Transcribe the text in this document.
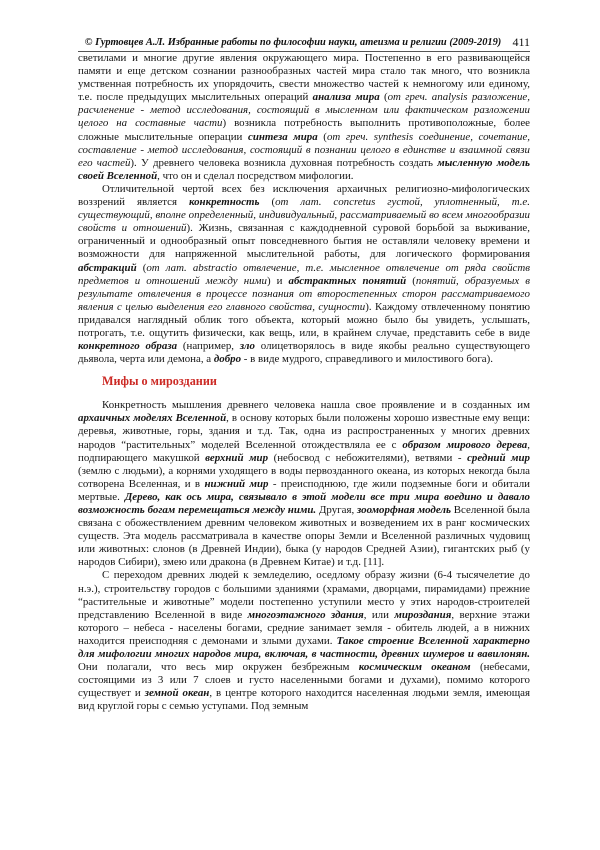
© Гуртовцев А.Л. Избранные работы по философии науки, атеизма и религии (2009-2019) 411

светилами и многие другие явления окружающего мира. Постепенно в его развивающейся памяти и еще детском сознании разнообразных частей мира стало так много, что возникла умственная потребность их упорядочить, свести множество частей к немногому или единому, т.е. после предыдущих мыслительных операций анализа мира (от греч. analysis разложение, расчленение - метод исследования, состоящий в мысленном или фактическом разложении целого на составные части) возникла потребность выполнить противоположные, более сложные мыслительные операции синтеза мира (от греч. synthesis соединение, сочетание, составление - метод исследования, состоящий в познании целого в единстве и взаимной связи его частей). У древнего человека возникла духовная потребность создать мысленную модель своей Вселенной, что он и сделал посредством мифологии.

Отличительной чертой всех без исключения архаичных религиозно-мифологических воззрений является конкретность (от лат. concretus густой, уплотненный, т.е. существующий, вполне определенный, индивидуальный, рассматриваемый во всем многообразии свойств и отношений). Жизнь, связанная с каждодневной суровой борьбой за выживание, ограниченный и однообразный опыт повседневного бытия не оставляли человеку времени и возможности для напряженной мыслительной работы, для логического формирования абстракций (от лат. abstractio отвлечение, т.е. мысленное отвлечение от ряда свойств предметов и отношений между ними) и абстрактных понятий (понятий, образуемых в результате отвлечения в процессе познания от второстепенных сторон рассматриваемого явления с целью выделения его главного свойства, сущности). Каждому отвлеченному понятию придавался наглядный облик того объекта, который можно было бы увидеть, услышать, потрогать, т.е. ощутить физически, как вещь, или, в крайнем случае, представить себе в виде конкретного образа (например, зло олицетворялось в виде якобы реально существующего дьявола, черта или демона, а добро - в виде мудрого, справедливого и милостивого бога).

Мифы о мироздании

Конкретность мышления древнего человека нашла свое проявление и в созданных им архаичных моделях Вселенной, в основу которых были положены хорошо известные ему вещи: деревья, животные, горы, здания и т.д. Так, одна из распространенных у многих древних народов “растительных” моделей Вселенной отождествляла ее с образом мирового дерева, подпирающего макушкой верхний мир (небосвод с небожителями), ветвями - средний мир (землю с людьми), а корнями уходящего в воды первозданного океана, из которых некогда была сотворена Вселенная, и в нижний мир - преисподнюю, где жили подземные боги и обитали мертвые. Дерево, как ось мира, связывало в этой модели все три мира воедино и давало возможность богам перемещаться между ними. Другая, зооморфная модель Вселенной была связана с обожествлением древним человеком животных и возведением их в ранг космических существ. Эта модель рассматривала в качестве опоры Земли и Вселенной различных чудовищ или животных: слонов (в Древней Индии), быка (у народов Средней Азии), гигантских рыб (у народов Сибири), змею или дракона (в Древнем Китае) и т.д. [11].

С переходом древних людей к земледелию, оседлому образу жизни (6-4 тысячелетие до н.э.), строительству городов с большими зданиями (храмами, дворцами, пирамидами) прежние “растительные и животные” модели постепенно уступили место у этих народов-строителей представлению Вселенной в виде многоэтажного здания, или мироздания, верхние этажи которого – небеса - населены богами, средние занимает земля - обитель людей, а в нижних находится преисподняя с демонами и злыми духами. Такое строение Вселенной характерно для мифологии многих народов мира, включая, в частности, древних шумеров и вавилонян. Они полагали, что весь мир окружен безбрежным космическим океаном (небесами, состоящими из 3 или 7 слоев и густо населенными богами и духами), помимо которого существует и земной океан, в центре которого находится населенная людьми земля, имеющая вид круглой горы с семью уступами. Под земным
